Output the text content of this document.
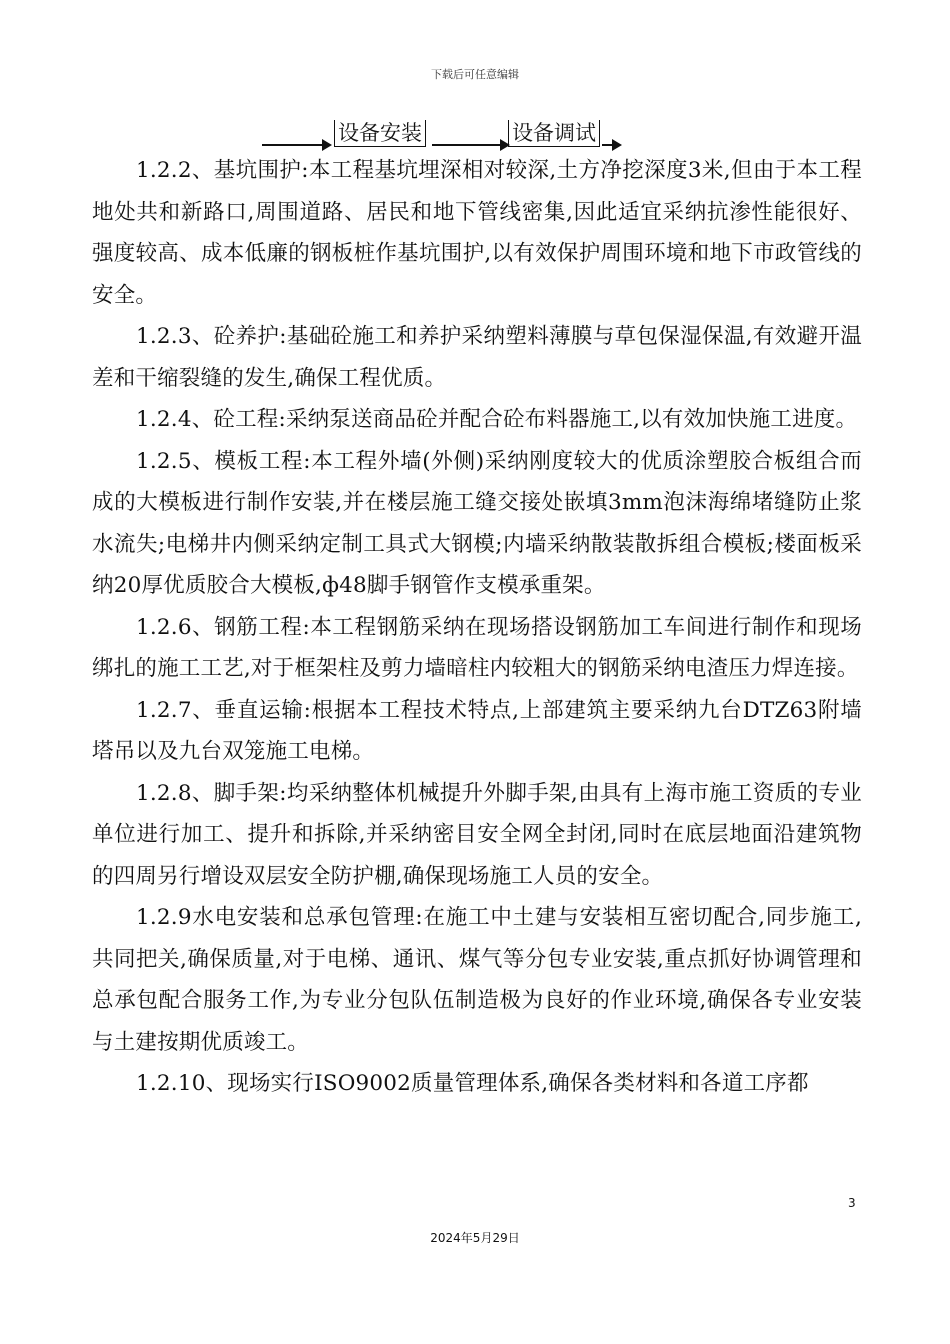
下载后可任意编辑
设备安装	设备调试

1.2.2、基坑围护:本工程基坑埋深相对较深,土方净挖深度3米,但由于本工程地处共和新路口,周围道路、居民和地下管线密集,因此适宜采纳抗渗性能很好、强度较高、成本低廉的钢板桩作基坑围护,以有效保护周围环境和地下市政管线的安全。

1.2.3、砼养护:基础砼施工和养护采纳塑料薄膜与草包保湿保温,有效避开温差和干缩裂缝的发生,确保工程优质。

1.2.4、砼工程:采纳泵送商品砼并配合砼布料器施工,以有效加快施工进度。

1.2.5、模板工程:本工程外墙(外侧)采纳刚度较大的优质涂塑胶合板组合而成的大模板进行制作安装,并在楼层施工缝交接处嵌填3mm泡沫海绵堵缝防止浆水流失;电梯井内侧采纳定制工具式大钢模;内墙采纳散装散拆组合模板;楼面板采纳20厚优质胶合大模板,ф48脚手钢管作支模承重架。

1.2.6、钢筋工程:本工程钢筋采纳在现场搭设钢筋加工车间进行制作和现场绑扎的施工工艺,对于框架柱及剪力墙暗柱内较粗大的钢筋采纳电渣压力焊连接。

1.2.7、垂直运输:根据本工程技术特点,上部建筑主要采纳九台DTZ63附墙塔吊以及九台双笼施工电梯。

1.2.8、脚手架:均采纳整体机械提升外脚手架,由具有上海市施工资质的专业单位进行加工、提升和拆除,并采纳密目安全网全封闭,同时在底层地面沿建筑物的四周另行增设双层安全防护棚,确保现场施工人员的安全。

1.2.9水电安装和总承包管理:在施工中土建与安装相互密切配合,同步施工,共同把关,确保质量,对于电梯、通讯、煤气等分包专业安装,重点抓好协调管理和总承包配合服务工作,为专业分包队伍制造极为良好的作业环境,确保各专业安装与土建按期优质竣工。

1.2.10、现场实行ISO9002质量管理体系,确保各类材料和各道工序都

3
2024年5月29日
